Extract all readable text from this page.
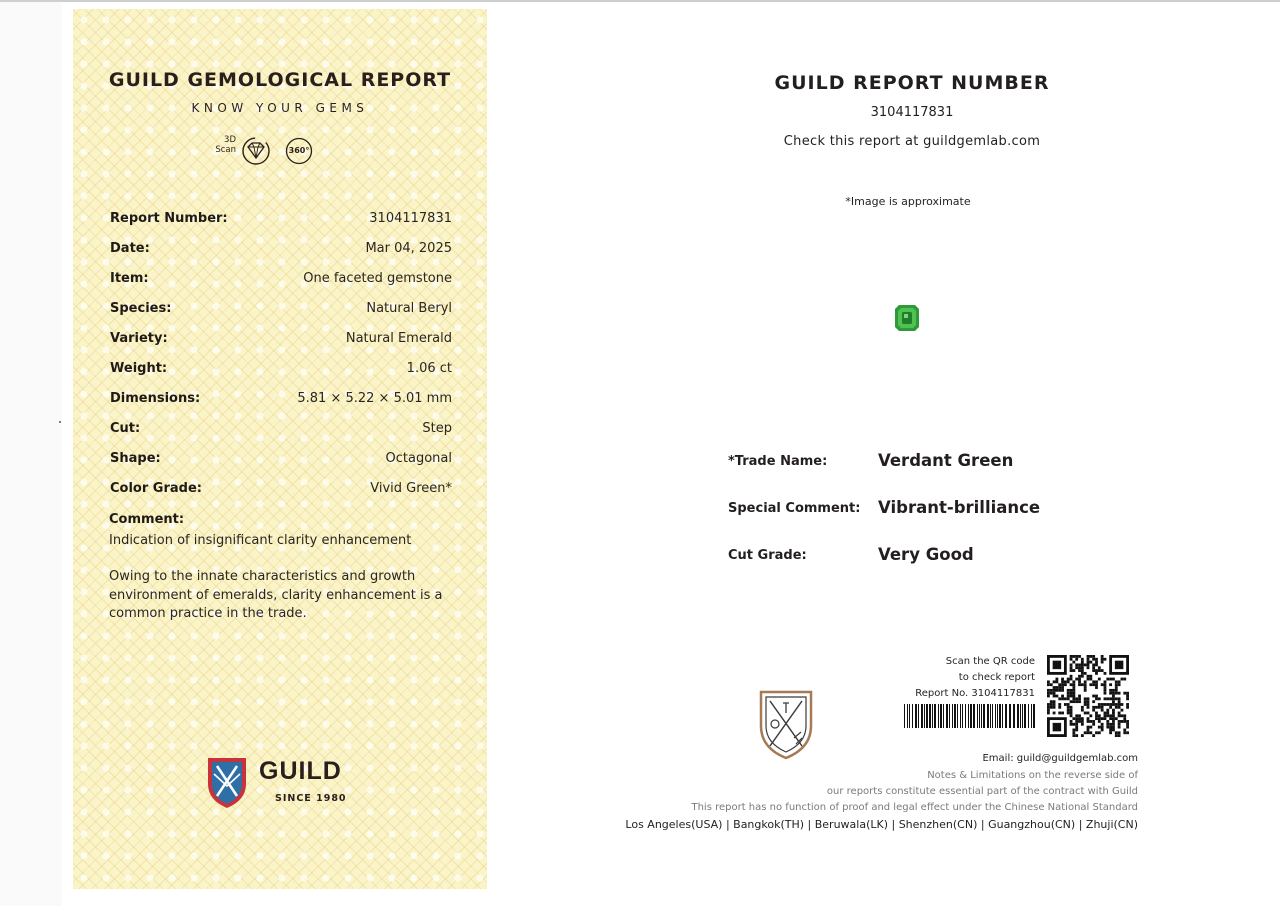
GUILD GEMOLOGICAL REPORT
KNOW YOUR GEMS
3D
Scan	360°
Report Number:	3104117831
Date:	Mar 04, 2025
Item:	One faceted gemstone
Species:	Natural Beryl
Variety:	Natural Emerald
Weight:	1.06 ct
Dimensions:	5.81 × 5.22 × 5.01 mm
Cut:	Step
Shape:	Octagonal
Color Grade:	Vivid Green*
Comment:
Indication of insignificant clarity enhancement
Owing to the innate characteristics and growth environment of emeralds, clarity enhancement is a common practice in the trade.
GUILD
SINCE 1980
GUILD REPORT NUMBER
3104117831
Check this report at guildgemlab.com
*Image is approximate
*Trade Name:	Verdant Green
Special Comment: Vibrant-brilliance
Cut Grade:	Very Good
Scan the QR code
to check report
Report No. 3104117831
Email: guild@guildgemlab.com
Notes & Limitations on the reverse side of
our reports constitute essential part of the contract with Guild
This report has no function of proof and legal effect under the Chinese National Standard
Los Angeles(USA) | Bangkok(TH) | Beruwala(LK) | Shenzhen(CN) | Guangzhou(CN) | Zhuji(CN)
